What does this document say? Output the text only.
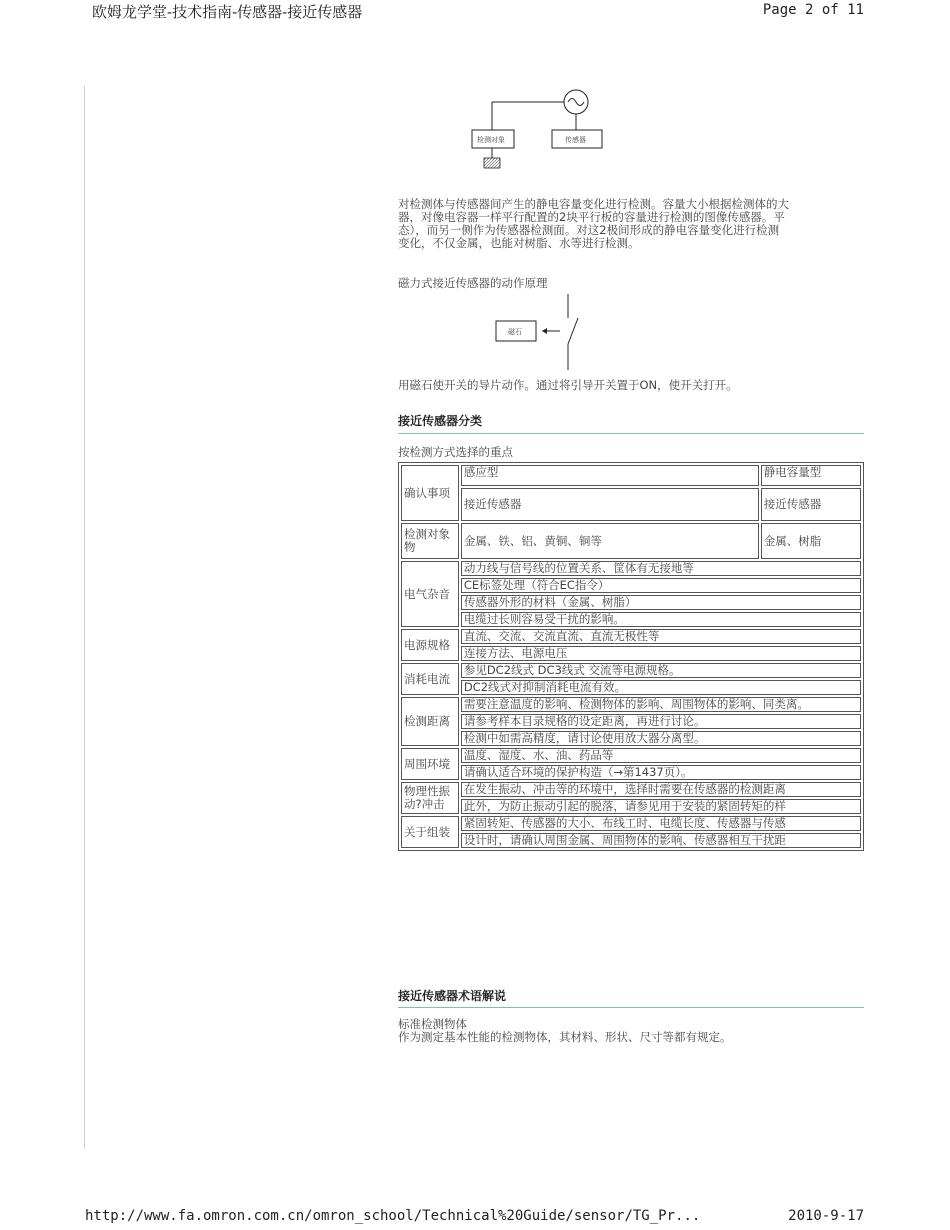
欧姆龙学堂-技术指南-传感器-接近传感器	Page 2 of 11
http://www.fa.omron.com.cn/omron_school/Technical%20Guide/sensor/TG_Pr...	2010-9-17
检测对象	传感器
对检测体与传感器间产生的静电容量变化进行检测。容量大小根据检测体的大
器，对像电容器一样平行配置的2块平行板的容量进行检测的图像传感器。平
态），而另一侧作为传感器检测面。对这2极间形成的静电容量变化进行检测
变化，不仅金属，也能对树脂、水等进行检测。
磁力式接近传感器的动作原理
磁石
用磁石使开关的导片动作。通过将引导开关置于ON，使开关打开。
接近传感器分类
按检测方式选择的重点
确认事项	感应型	静电容量型
	接近传感器	接近传感器
检测对象物	金属、铁、铝、黄铜、铜等	金属、树脂
电气杂音	动力线与信号线的位置关系、筐体有无接地等	
	CE标签处理（符合EC指令）	
	传感器外形的材料（金属、树脂）	
	电缆过长则容易受干扰的影响。	
电源规格	直流、交流、交流直流、直流无极性等	
	连接方法、电源电压	
消耗电流	参见DC2线式 DC3线式 交流等电源规格。	
	DC2线式对抑制消耗电流有效。	
检测距离	需要注意温度的影响、检测物体的影响、周围物体的影响、同类离。	
	请参考样本目录规格的设定距离，再进行讨论。	
	检测中如需高精度，请讨论使用放大器分离型。	
周围环境	温度、湿度、水、油、药品等	
	请确认适合环境的保护构造（→第1437页）。	
物理性振动?冲击	在发生振动、冲击等的环境中，选择时需要在传感器的检测距离	
	此外，为防止振动引起的脱落，请参见用于安装的紧固转矩的样	
关于组装	紧固转矩、传感器的大小、布线工时、电缆长度、传感器与传感	
	设计时，请确认周围金属、周围物体的影响、传感器相互干扰距	
接近传感器术语解说
标准检测物体
作为测定基本性能的检测物体，其材料、形状、尺寸等都有规定。
